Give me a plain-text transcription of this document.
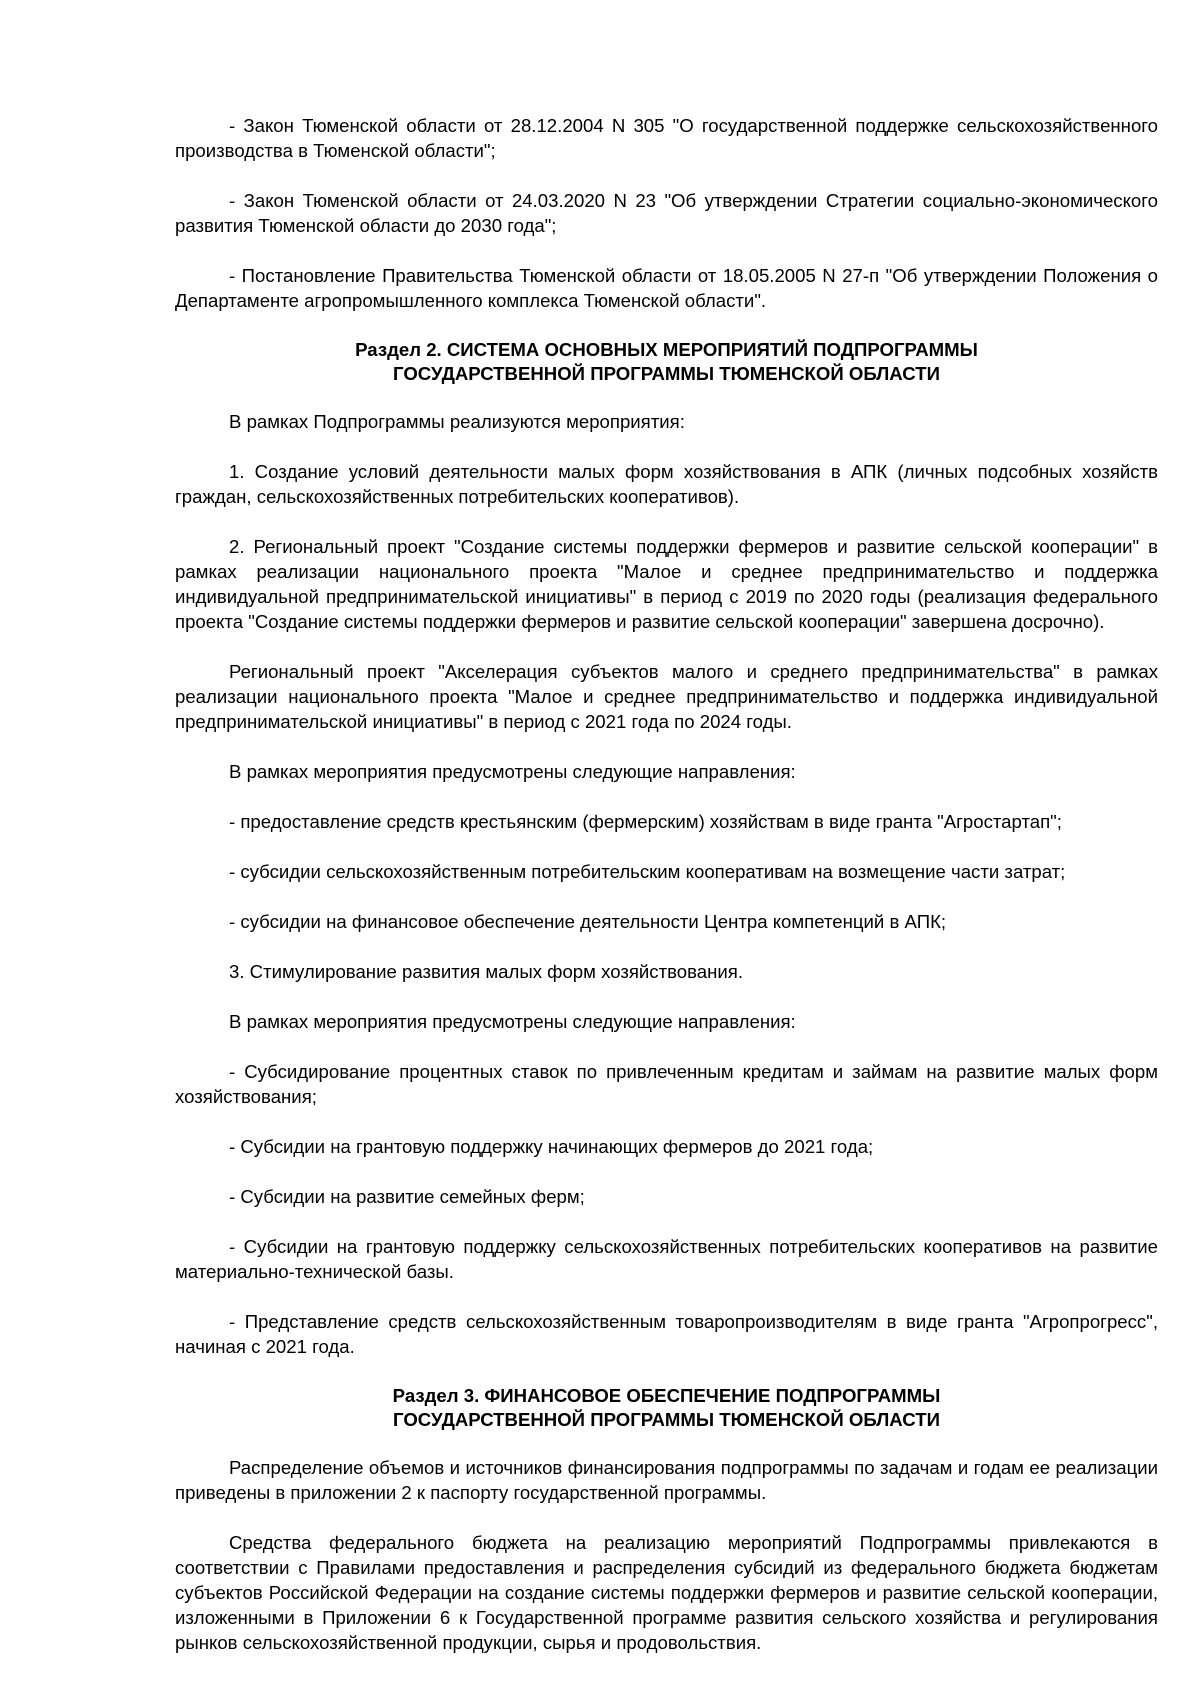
- Закон Тюменской области от 28.12.2004 N 305 "О государственной поддержке сельскохозяйственного производства в Тюменской области";

- Закон Тюменской области от 24.03.2020 N 23 "Об утверждении Стратегии социально-экономического развития Тюменской области до 2030 года";

- Постановление Правительства Тюменской области от 18.05.2005 N 27-п "Об утверждении Положения о Департаменте агропромышленного комплекса Тюменской области".

Раздел 2. СИСТЕМА ОСНОВНЫХ МЕРОПРИЯТИЙ ПОДПРОГРАММЫ
ГОСУДАРСТВЕННОЙ ПРОГРАММЫ ТЮМЕНСКОЙ ОБЛАСТИ

В рамках Подпрограммы реализуются мероприятия:

1. Создание условий деятельности малых форм хозяйствования в АПК (личных подсобных хозяйств граждан, сельскохозяйственных потребительских кооперативов).

2. Региональный проект "Создание системы поддержки фермеров и развитие сельской кооперации" в рамках реализации национального проекта "Малое и среднее предпринимательство и поддержка индивидуальной предпринимательской инициативы" в период с 2019 по 2020 годы (реализация федерального проекта "Создание системы поддержки фермеров и развитие сельской кооперации" завершена досрочно).

Региональный проект "Акселерация субъектов малого и среднего предпринимательства" в рамках реализации национального проекта "Малое и среднее предпринимательство и поддержка индивидуальной предпринимательской инициативы" в период с 2021 года по 2024 годы.

В рамках мероприятия предусмотрены следующие направления:

- предоставление средств крестьянским (фермерским) хозяйствам в виде гранта "Агростартап";

- субсидии сельскохозяйственным потребительским кооперативам на возмещение части затрат;

- субсидии на финансовое обеспечение деятельности Центра компетенций в АПК;

3. Стимулирование развития малых форм хозяйствования.

В рамках мероприятия предусмотрены следующие направления:

- Субсидирование процентных ставок по привлеченным кредитам и займам на развитие малых форм хозяйствования;

- Субсидии на грантовую поддержку начинающих фермеров до 2021 года;

- Субсидии на развитие семейных ферм;

- Субсидии на грантовую поддержку сельскохозяйственных потребительских кооперативов на развитие материально-технической базы.

- Представление средств сельскохозяйственным товаропроизводителям в виде гранта "Агропрогресс", начиная с 2021 года.

Раздел 3. ФИНАНСОВОЕ ОБЕСПЕЧЕНИЕ ПОДПРОГРАММЫ
ГОСУДАРСТВЕННОЙ ПРОГРАММЫ ТЮМЕНСКОЙ ОБЛАСТИ

Распределение объемов и источников финансирования подпрограммы по задачам и годам ее реализации приведены в приложении 2 к паспорту государственной программы.

Средства федерального бюджета на реализацию мероприятий Подпрограммы привлекаются в соответствии с Правилами предоставления и распределения субсидий из федерального бюджета бюджетам субъектов Российской Федерации на создание системы поддержки фермеров и развитие сельской кооперации, изложенными в Приложении 6 к Государственной программе развития сельского хозяйства и регулирования рынков сельскохозяйственной продукции, сырья и продовольствия.
